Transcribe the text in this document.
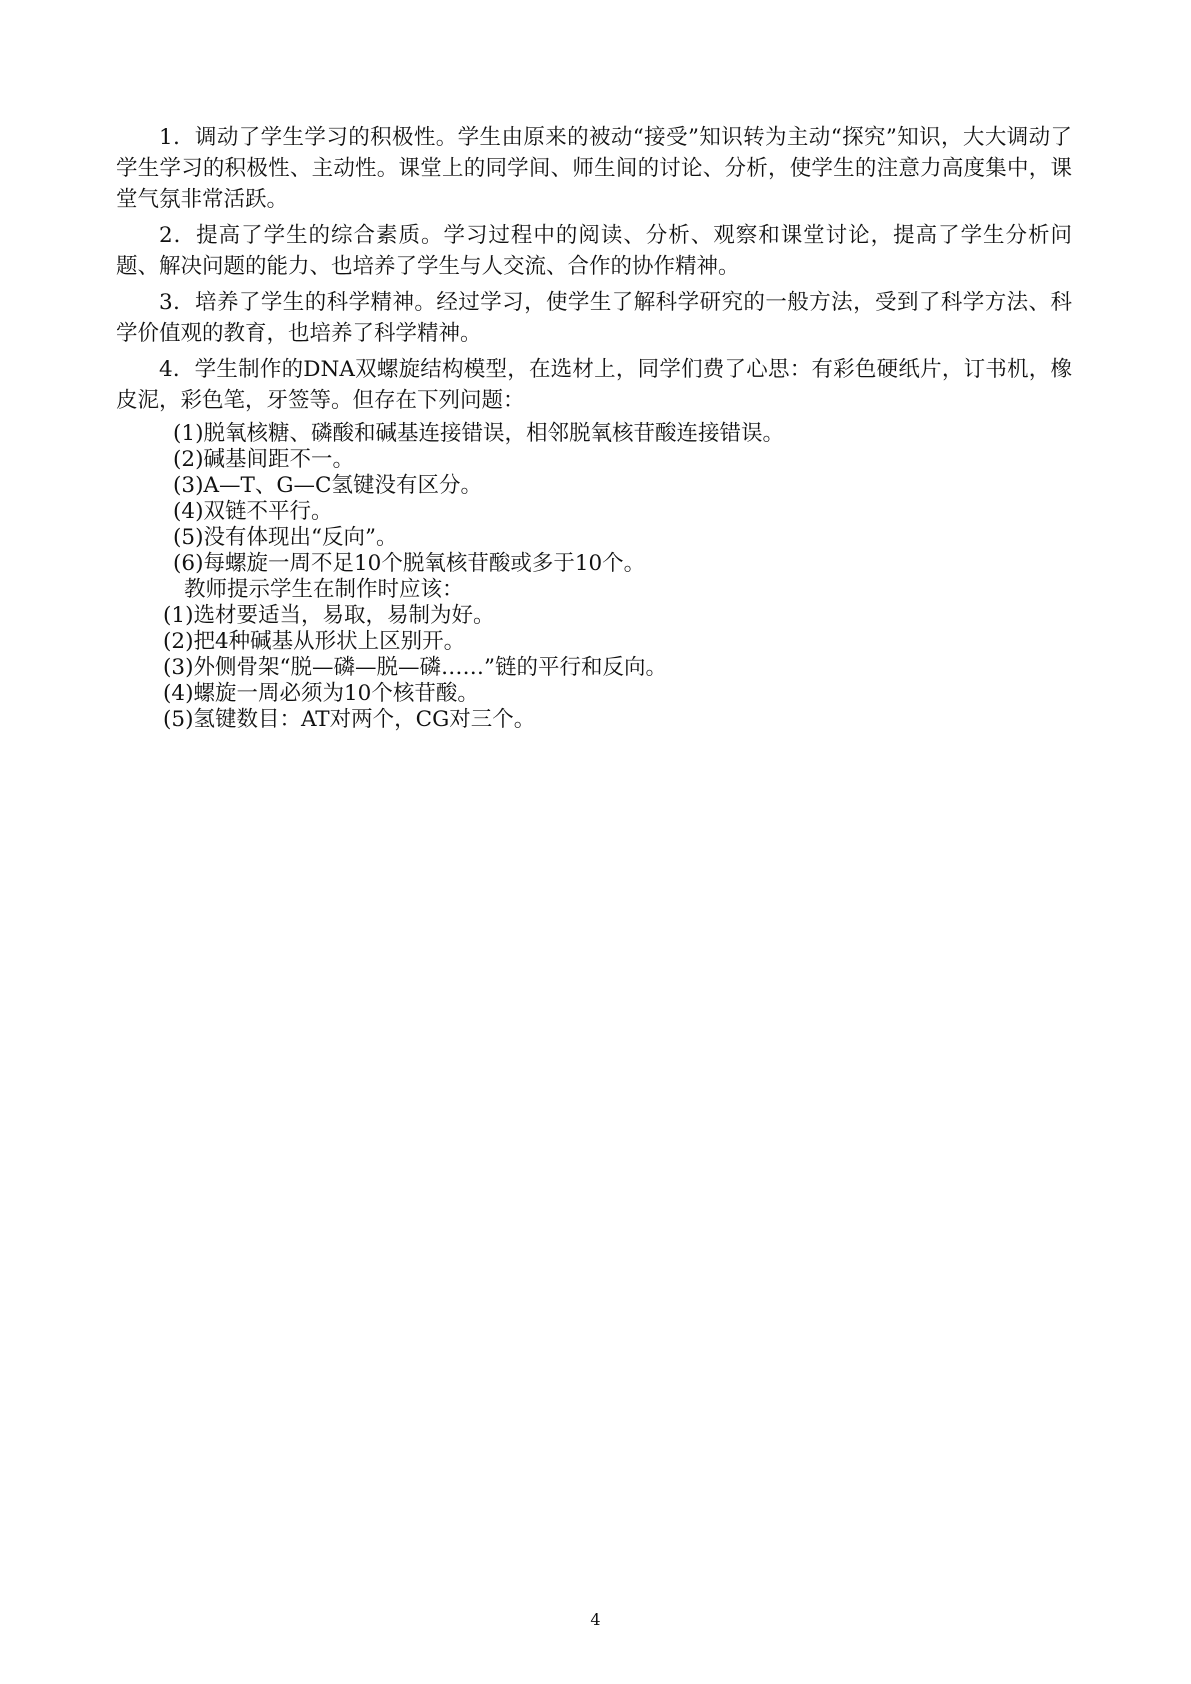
1．调动了学生学习的积极性。学生由原来的被动“接受”知识转为主动“探究”知识，大大调动了学生学习的积极性、主动性。课堂上的同学间、师生间的讨论、分析，使学生的注意力高度集中，课堂气氛非常活跃。

2．提高了学生的综合素质。学习过程中的阅读、分析、观察和课堂讨论，提高了学生分析问题、解决问题的能力、也培养了学生与人交流、合作的协作精神。

3．培养了学生的科学精神。经过学习，使学生了解科学研究的一般方法，受到了科学方法、科学价值观的教育，也培养了科学精神。

4．学生制作的DNA双螺旋结构模型，在选材上，同学们费了心思：有彩色硬纸片，订书机，橡皮泥，彩色笔，牙签等。但存在下列问题：

(1)脱氧核糖、磷酸和碱基连接错误，相邻脱氧核苷酸连接错误。
(2)碱基间距不一。
(3)A—T、G—C氢键没有区分。
(4)双链不平行。
(5)没有体现出“反向”。
(6)每螺旋一周不足10个脱氧核苷酸或多于10个。

教师提示学生在制作时应该：

(1)选材要适当，易取，易制为好。
(2)把4种碱基从形状上区别开。
(3)外侧骨架“脱—磷—脱—磷……”链的平行和反向。
(4)螺旋一周必须为10个核苷酸。
(5)氢键数目：AT对两个，CG对三个。
4
